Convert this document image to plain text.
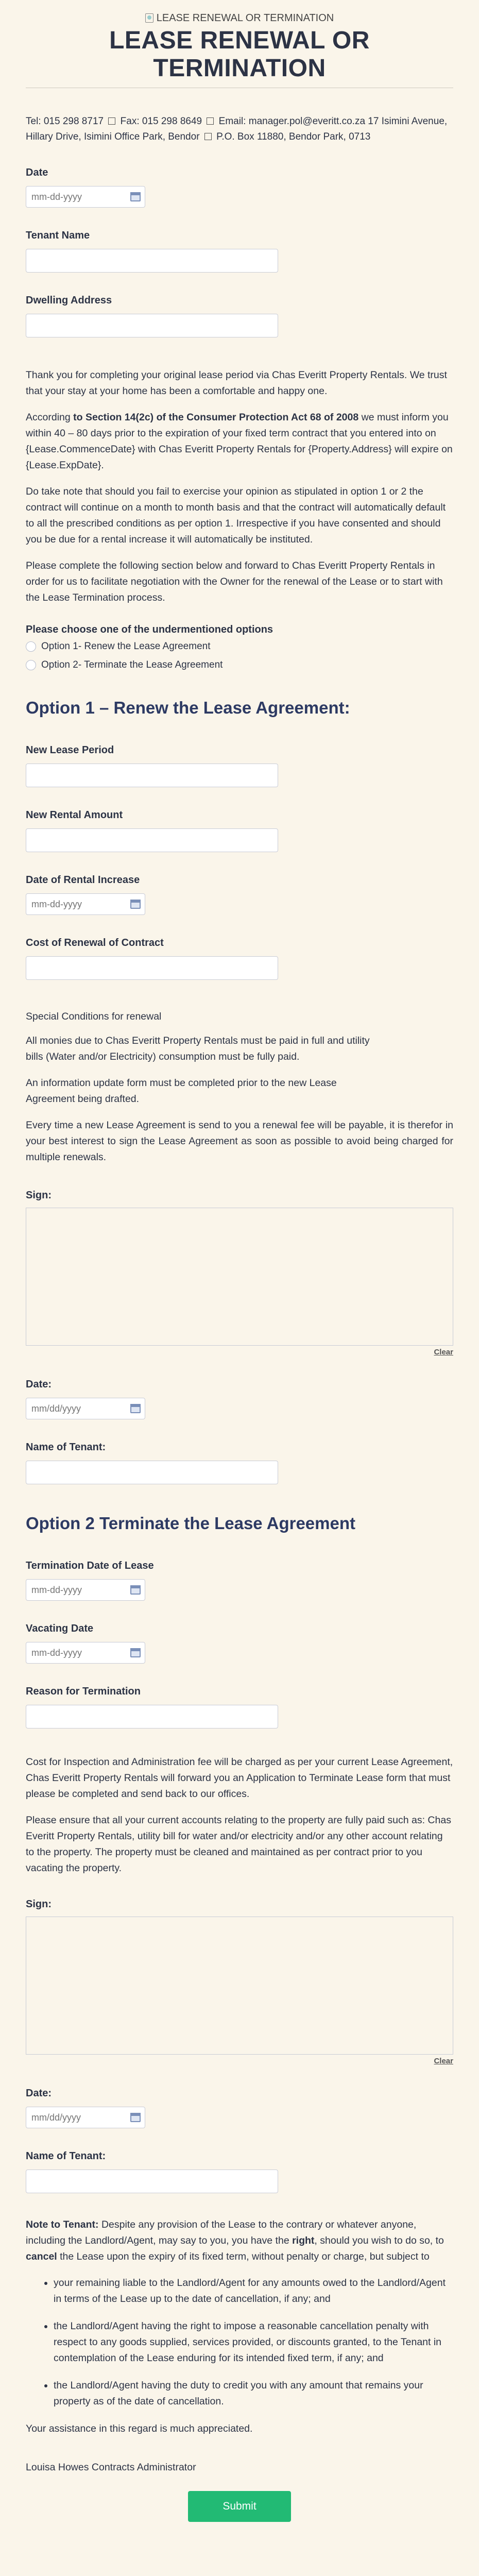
LEASE RENEWAL OR TERMINATION
LEASE RENEWAL OR TERMINATION
Tel: 015 298 8717 Fax: 015 298 8649 Email: manager.pol@everitt.co.za 17 Isimini Avenue, Hillary Drive, Isimini Office Park, Bendor P.O. Box 11880, Bendor Park, 0713
Date
mm-dd-yyyy
Tenant Name
Dwelling Address

Thank you for completing your original lease period via Chas Everitt Property Rentals. We trust that your stay at your home has been a comfortable and happy one.

According to Section 14(2c) of the Consumer Protection Act 68 of 2008 we must inform you within 40 – 80 days prior to the expiration of your fixed term contract that you entered into on {Lease.CommenceDate} with Chas Everitt Property Rentals for {Property.Address} will expire on {Lease.ExpDate}.

Do take note that should you fail to exercise your opinion as stipulated in option 1 or 2 the contract will continue on a month to month basis and that the contract will automatically default to all the prescribed conditions as per option 1. Irrespective if you have consented and should you be due for a rental increase it will automatically be instituted.

Please complete the following section below and forward to Chas Everitt Property Rentals in order for us to facilitate negotiation with the Owner for the renewal of the Lease or to start with the Lease Termination process.

Please choose one of the undermentioned options
Option 1- Renew the Lease Agreement
Option 2- Terminate the Lease Agreement
Option 1 – Renew the Lease Agreement:
New Lease Period
New Rental Amount
Date of Rental Increase
mm-dd-yyyy
Cost of Renewal of Contract

Special Conditions for renewal

All monies due to Chas Everitt Property Rentals must be paid in full and utility bills (Water and/or Electricity) consumption must be fully paid.

An information update form must be completed prior to the new Lease Agreement being drafted.

Every time a new Lease Agreement is send to you a renewal fee will be payable, it is therefor in your best interest to sign the Lease Agreement as soon as possible to avoid being charged for multiple renewals.

Sign:
Clear
Date:
mm/dd/yyyy
Name of Tenant:
Option 2 Terminate the Lease Agreement
Termination Date of Lease
mm-dd-yyyy
Vacating Date
mm-dd-yyyy
Reason for Termination

Cost for Inspection and Administration fee will be charged as per your current Lease Agreement, Chas Everitt Property Rentals will forward you an Application to Terminate Lease form that must please be completed and send back to our offices.

Please ensure that all your current accounts relating to the property are fully paid such as: Chas Everitt Property Rentals, utility bill for water and/or electricity and/or any other account relating to the property. The property must be cleaned and maintained as per contract prior to you vacating the property.

Sign:
Clear
Date:
mm/dd/yyyy
Name of Tenant:

Note to Tenant: Despite any provision of the Lease to the contrary or whatever anyone, including the Landlord/Agent, may say to you, you have the right, should you wish to do so, to cancel the Lease upon the expiry of its fixed term, without penalty or charge, but subject to

• your remaining liable to the Landlord/Agent for any amounts owed to the Landlord/Agent in terms of the Lease up to the date of cancellation, if any; and
• the Landlord/Agent having the right to impose a reasonable cancellation penalty with respect to any goods supplied, services provided, or discounts granted, to the Tenant in contemplation of the Lease enduring for its intended fixed term, if any; and
• the Landlord/Agent having the duty to credit you with any amount that remains your property as of the date of cancellation.

Your assistance in this regard is much appreciated.

Louisa Howes Contracts Administrator

Submit
